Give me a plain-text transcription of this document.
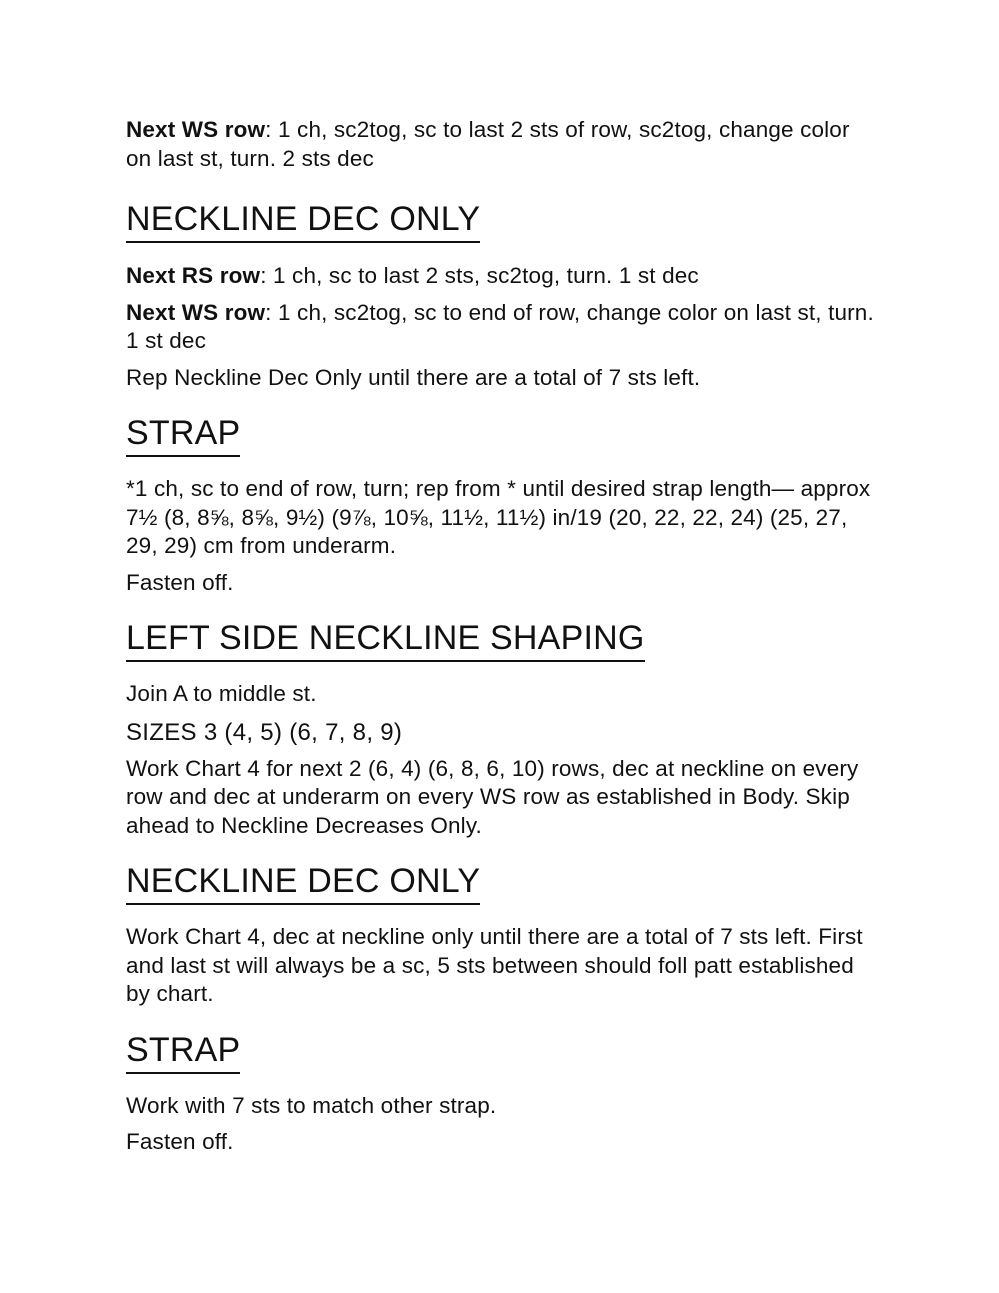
Next WS row: 1 ch, sc2tog, sc to last 2 sts of row, sc2tog, change color on last st, turn. 2 sts dec

NECKLINE DEC ONLY

Next RS row: 1 ch, sc to last 2 sts, sc2tog, turn. 1 st dec

Next WS row: 1 ch, sc2tog, sc to end of row, change color on last st, turn. 1 st dec

Rep Neckline Dec Only until there are a total of 7 sts left.

STRAP

*1 ch, sc to end of row, turn; rep from * until desired strap length— approx 7½ (8, 8⅝, 8⅝, 9½) (9⅞, 10⅝, 11½, 11½) in/19 (20, 22, 22, 24) (25, 27, 29, 29) cm from underarm.

Fasten off.

LEFT SIDE NECKLINE SHAPING

Join A to middle st.

SIZES 3 (4, 5) (6, 7, 8, 9)

Work Chart 4 for next 2 (6, 4) (6, 8, 6, 10) rows, dec at neckline on every row and dec at underarm on every WS row as established in Body. Skip ahead to Neckline Decreases Only.

NECKLINE DEC ONLY

Work Chart 4, dec at neckline only until there are a total of 7 sts left. First and last st will always be a sc, 5 sts between should foll patt established by chart.

STRAP

Work with 7 sts to match other strap.

Fasten off.
